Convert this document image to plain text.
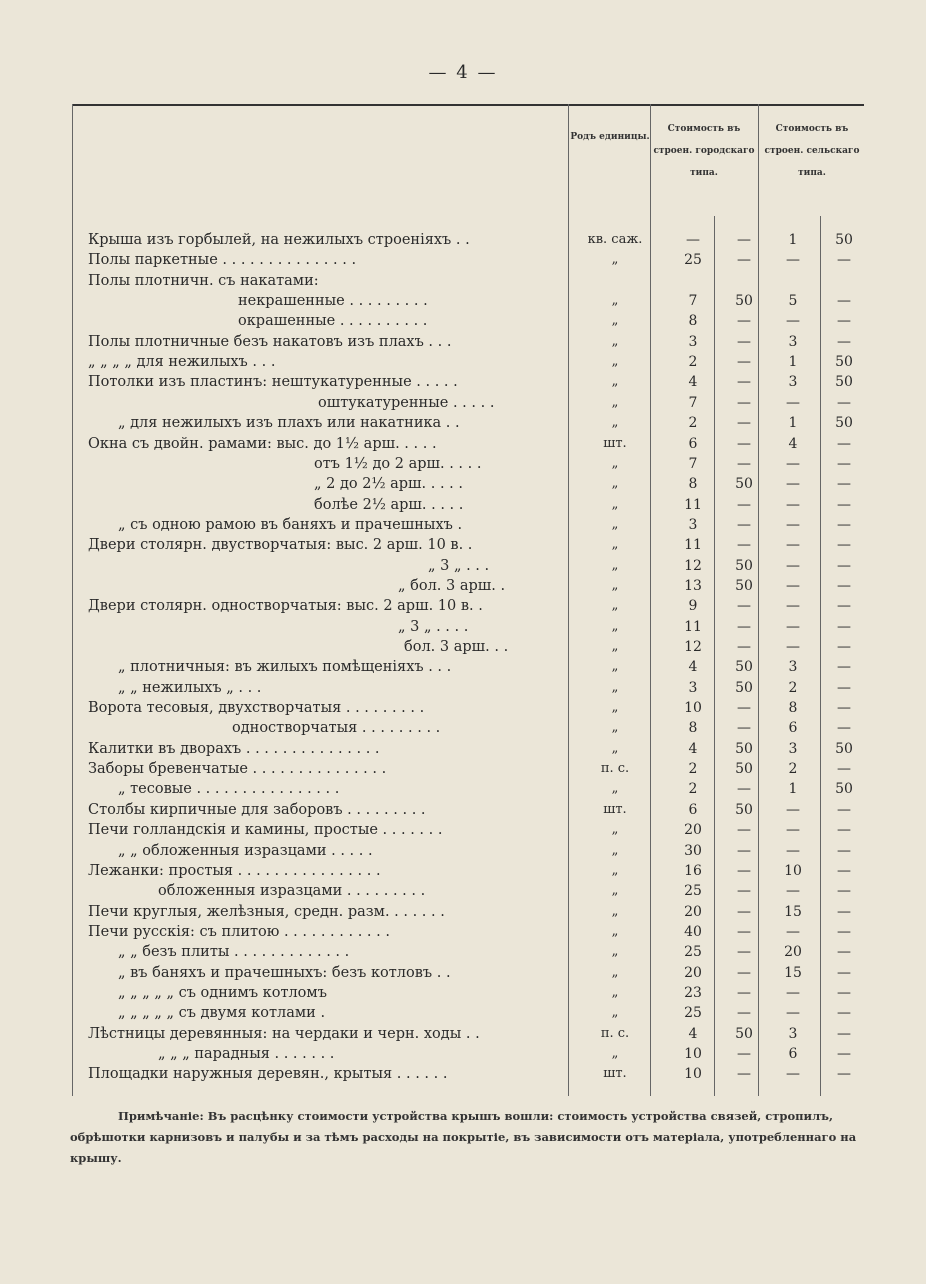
— 4 —
Родъ единицы.
Стоимость въ строен. городскаго типа.
Стоимость въ строен. сельскаго типа.
Крыша изъ горбылей, на нежилыхъ строеніяхъ . .	кв. саж.	—	—	1	50
Полы паркетные . . . . . . . . . . . . . . .	„	25	—	—	—
Полы плотничн. съ накатами:
некрашенные . . . . . . . . .	„	7	50	5	—
окрашенные . . . . . . . . . .	„	8	—	—	—
Полы плотничные безъ накатовъ изъ плахъ . . .	„	3	—	3	—
„ „ „ „ для нежилыхъ . . .	„	2	—	1	50
Потолки изъ пластинъ: нештукатуренные . . . . .	„	4	—	3	50
оштукатуренные . . . . .	„	7	—	—	—
„ для нежилыхъ изъ плахъ или накатника . .	„	2	—	1	50
Окна съ двойн. рамами: выс. до 1½ арш. . . . .	шт.	6	—	4	—
отъ 1½ до 2 арш. . . . .	„	7	—	—	—
„ 2 до 2½ арш. . . . .	„	8	50	—	—
болѣе 2½ арш. . . . .	„	11	—	—	—
„ съ одною рамою въ баняхъ и прачешныхъ .	„	3	—	—	—
Двери столярн. двустворчатыя: выс. 2 арш. 10 в. .	„	11	—	—	—
„ 3 „ . . .	„	12	50	—	—
„ бол. 3 арш. .	„	13	50	—	—
Двери столярн. одностворчатыя: выс. 2 арш. 10 в. .	„	9	—	—	—
„ 3 „ . . . .	„	11	—	—	—
бол. 3 арш. . .	„	12	—	—	—
„ плотничныя: въ жилыхъ помѣщеніяхъ . . .	„	4	50	3	—
„ „ нежилыхъ „ . . .	„	3	50	2	—
Ворота тесовыя, двухстворчатыя . . . . . . . . .	„	10	—	8	—
одностворчатыя . . . . . . . . .	„	8	—	6	—
Калитки въ дворахъ . . . . . . . . . . . . . . .	„	4	50	3	50
Заборы бревенчатые . . . . . . . . . . . . . . .	п. с.	2	50	2	—
„ тесовые . . . . . . . . . . . . . . . .	„	2	—	1	50
Столбы кирпичные для заборовъ . . . . . . . . .	шт.	6	50	—	—
Печи голландскія и камины, простые . . . . . . .	„	20	—	—	—
„ „ обложенныя изразцами . . . . .	„	30	—	—	—
Лежанки: простыя . . . . . . . . . . . . . . . .	„	16	—	10	—
обложенныя изразцами . . . . . . . . .	„	25	—	—	—
Печи круглыя, желѣзныя, средн. разм. . . . . . .	„	20	—	15	—
Печи русскія: съ плитою . . . . . . . . . . . .	„	40	—	—	—
„ „ безъ плиты . . . . . . . . . . . . .	„	25	—	20	—
„ въ баняхъ и прачешныхъ: безъ котловъ . .	„	20	—	15	—
„ „ „ „ „ съ однимъ котломъ	„	23	—	—	—
„ „ „ „ „ съ двумя котлами .	„	25	—	—	—
Лѣстницы деревянныя: на чердаки и черн. ходы . .	п. с.	4	50	3	—
„ „ „ парадныя . . . . . . .	„	10	—	6	—
Площадки наружныя деревян., крытыя . . . . . .	шт.	10	—	—	—
Примѣчаніе: Въ расцѣнку стоимости устройства крышъ вошли: стоимость устройства связей, стропилъ, обрѣшотки карнизовъ и палубы и за тѣмъ расходы на покрытіе, въ зависимости отъ матеріала, употребленнаго на крышу.
